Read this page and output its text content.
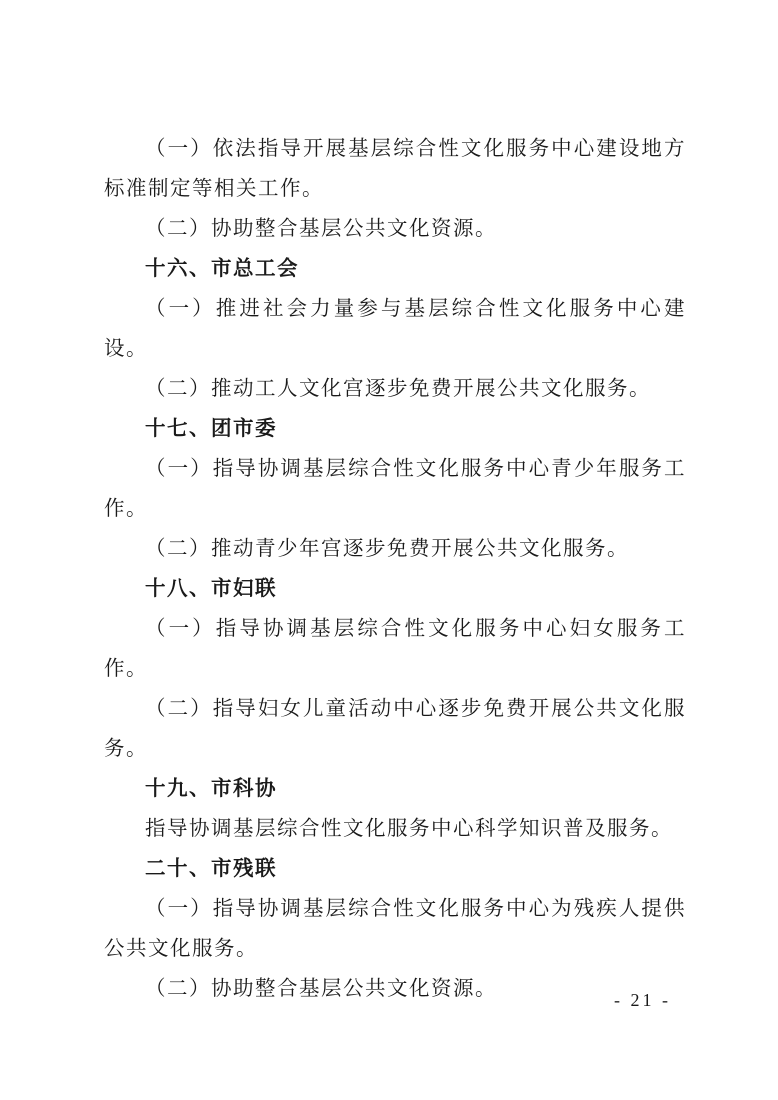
（一）依法指导开展基层综合性文化服务中心建设地方标准制定等相关工作。

（二）协助整合基层公共文化资源。

十六、市总工会

（一）推进社会力量参与基层综合性文化服务中心建设。

（二）推动工人文化宫逐步免费开展公共文化服务。

十七、团市委

（一）指导协调基层综合性文化服务中心青少年服务工作。

（二）推动青少年宫逐步免费开展公共文化服务。

十八、市妇联

（一）指导协调基层综合性文化服务中心妇女服务工作。

（二）指导妇女儿童活动中心逐步免费开展公共文化服务。

十九、市科协

指导协调基层综合性文化服务中心科学知识普及服务。

二十、市残联

（一）指导协调基层综合性文化服务中心为残疾人提供公共文化服务。

（二）协助整合基层公共文化资源。	- 21 -
